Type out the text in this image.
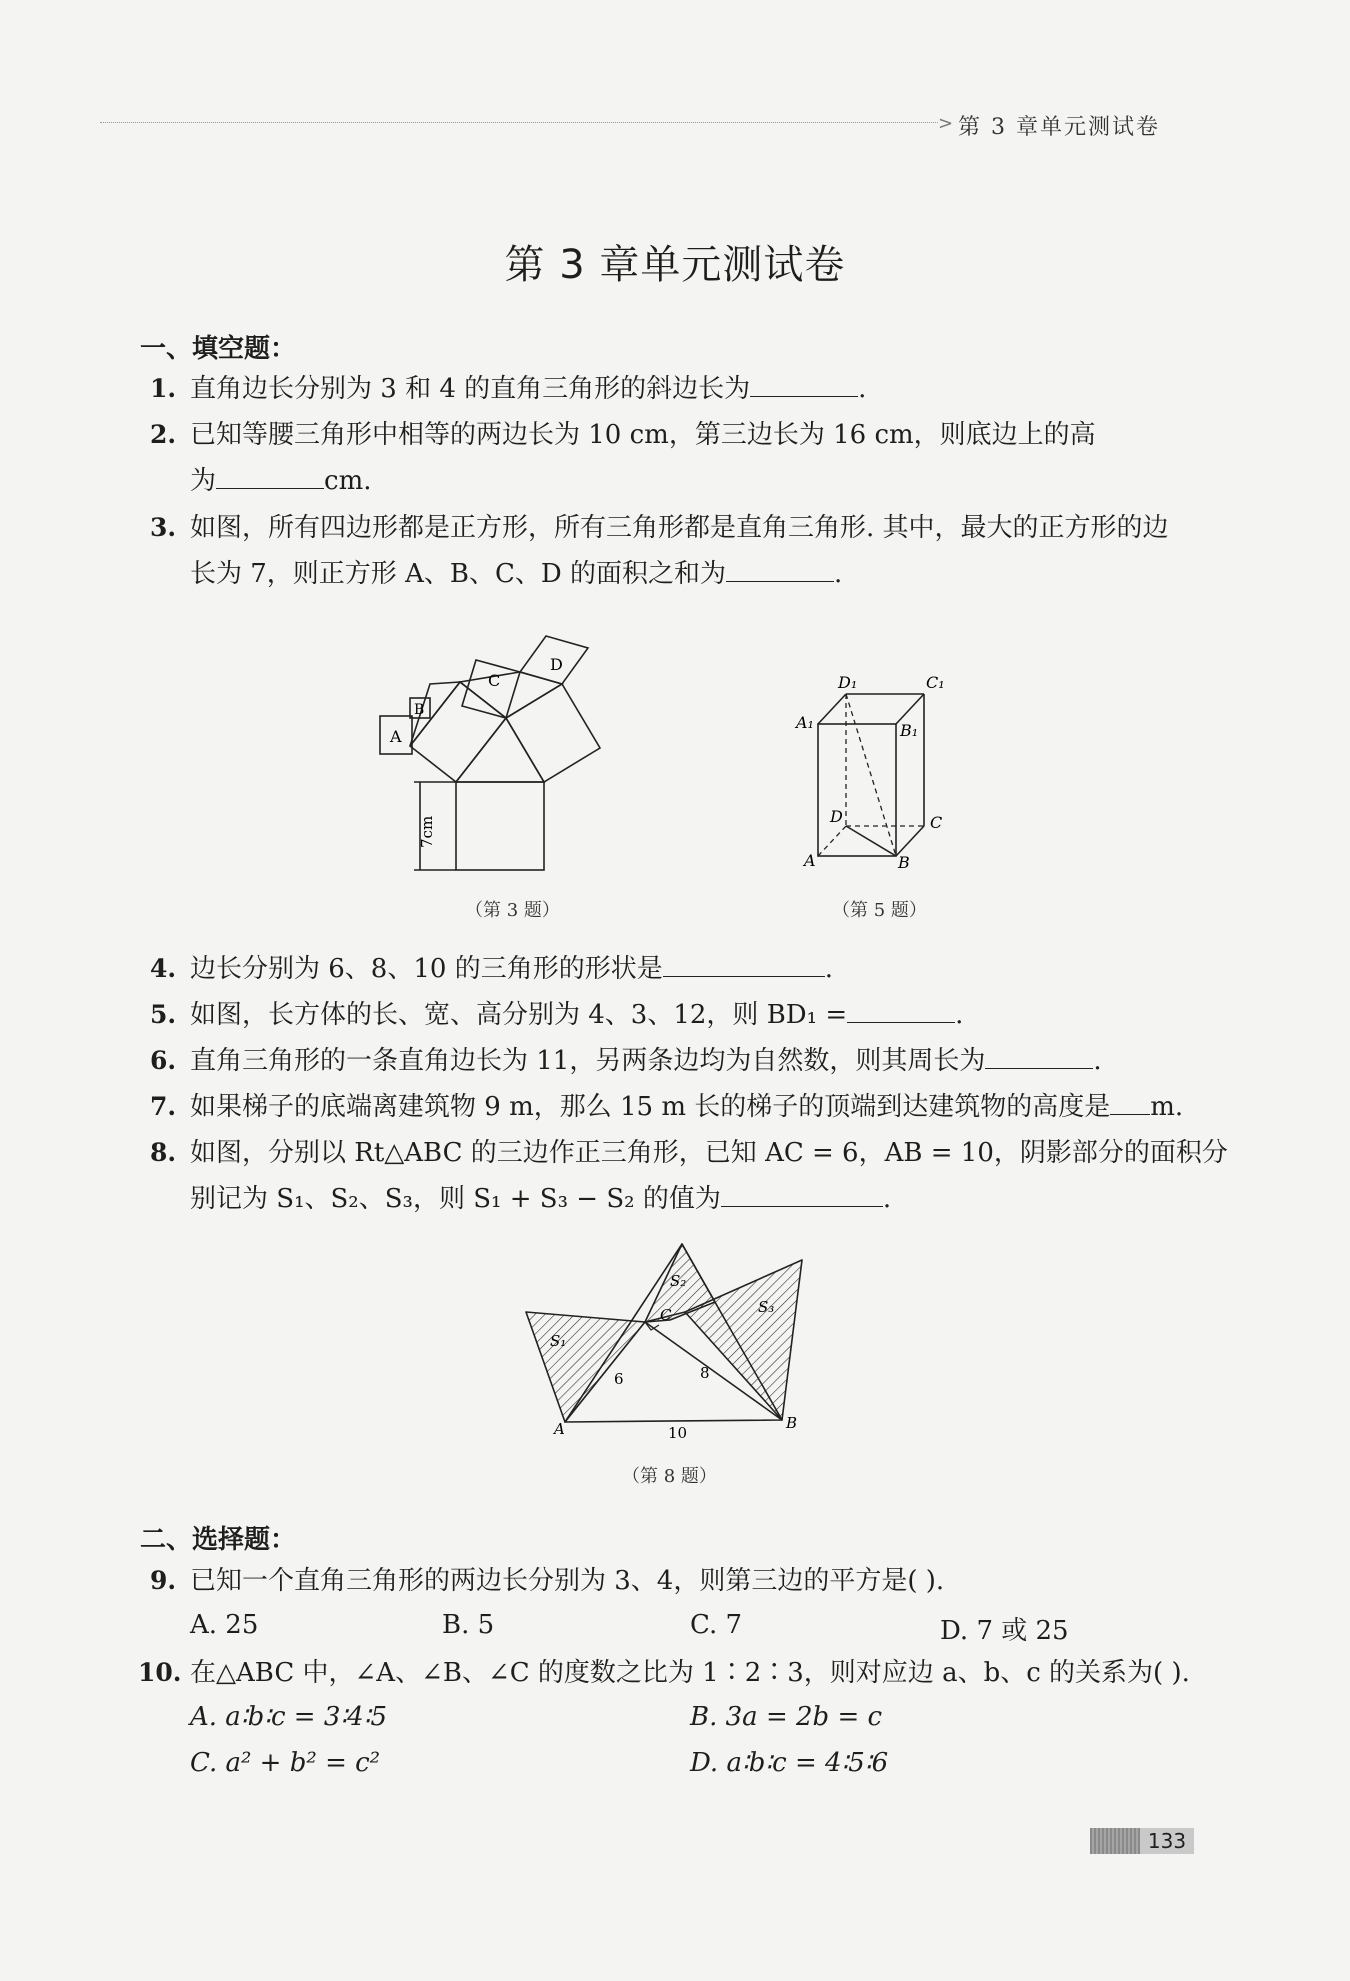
> 第 3 章单元测试卷
第 3 章单元测试卷
一、填空题：
1. 直角边长分别为 3 和 4 的直角三角形的斜边长为	.
2. 已知等腰三角形中相等的两边长为 10 cm，第三边长为 16 cm，则底边上的高
为	cm.
3. 如图，所有四边形都是正方形，所有三角形都是直角三角形. 其中，最大的正方形的边
长为 7，则正方形 A、B、C、D 的面积之和为	.
A
B
C
D
7cm
（第 3 题）
D₁	C₁
A₁	B₁
D	C
A	B
（第 5 题）
4. 边长分别为 6、8、10 的三角形的形状是	.
5. 如图，长方体的长、宽、高分别为 4、3、12，则 BD₁ =	.
6. 直角三角形的一条直角边长为 11，另两条边均为自然数，则其周长为	.
7. 如果梯子的底端离建筑物 9 m，那么 15 m 长的梯子的顶端到达建筑物的高度是 m.
8. 如图，分别以 Rt△ABC 的三边作正三角形，已知 AC = 6，AB = 10，阴影部分的面积分
别记为 S₁、S₂、S₃，则 S₁ + S₃ − S₂ 的值为	.
S₁
S₂
S₃
C
A	B
6	8
10
（第 8 题）
二、选择题：
9. 已知一个直角三角形的两边长分别为 3、4，则第三边的平方是( ).
A. 25	B. 5	C. 7	D. 7 或 25
10. 在△ABC 中，∠A、∠B、∠C 的度数之比为 1∶2∶3，则对应边 a、b、c 的关系为( ).
A. a∶b∶c = 3∶4∶5	B. 3a = 2b = c
C. a² + b² = c²	D. a∶b∶c = 4∶5∶6
133
